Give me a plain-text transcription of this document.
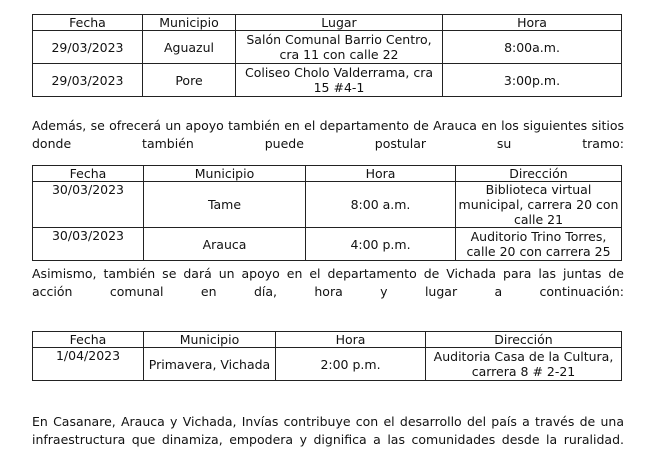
Fecha	Municipio	Lugar	Hora
29/03/2023	Aguazul	Salón Comunal Barrio Centro, cra 11 con calle 22	8:00a.m.
29/03/2023	Pore	Coliseo Cholo Valderrama, cra 15 #4-1	3:00p.m.

Además, se ofrecerá un apoyo también en el departamento de Arauca en los siguientes sitios donde también puede postular su tramo:

Fecha	Municipio	Hora	Dirección
30/03/2023	Tame	8:00 a.m.	Biblioteca virtual municipal, carrera 20 con calle 21
30/03/2023	Arauca	4:00 p.m.	Auditorio Trino Torres, calle 20 con carrera 25

Asimismo, también se dará un apoyo en el departamento de Vichada para las juntas de acción comunal en día, hora y lugar a continuación:

Fecha	Municipio	Hora	Dirección
1/04/2023	Primavera, Vichada	2:00 p.m.	Auditoria Casa de la Cultura, carrera 8 # 2-21

En Casanare, Arauca y Vichada, Invías contribuye con el desarrollo del país a través de una infraestructura que dinamiza, empodera y dignifica a las comunidades desde la ruralidad.
